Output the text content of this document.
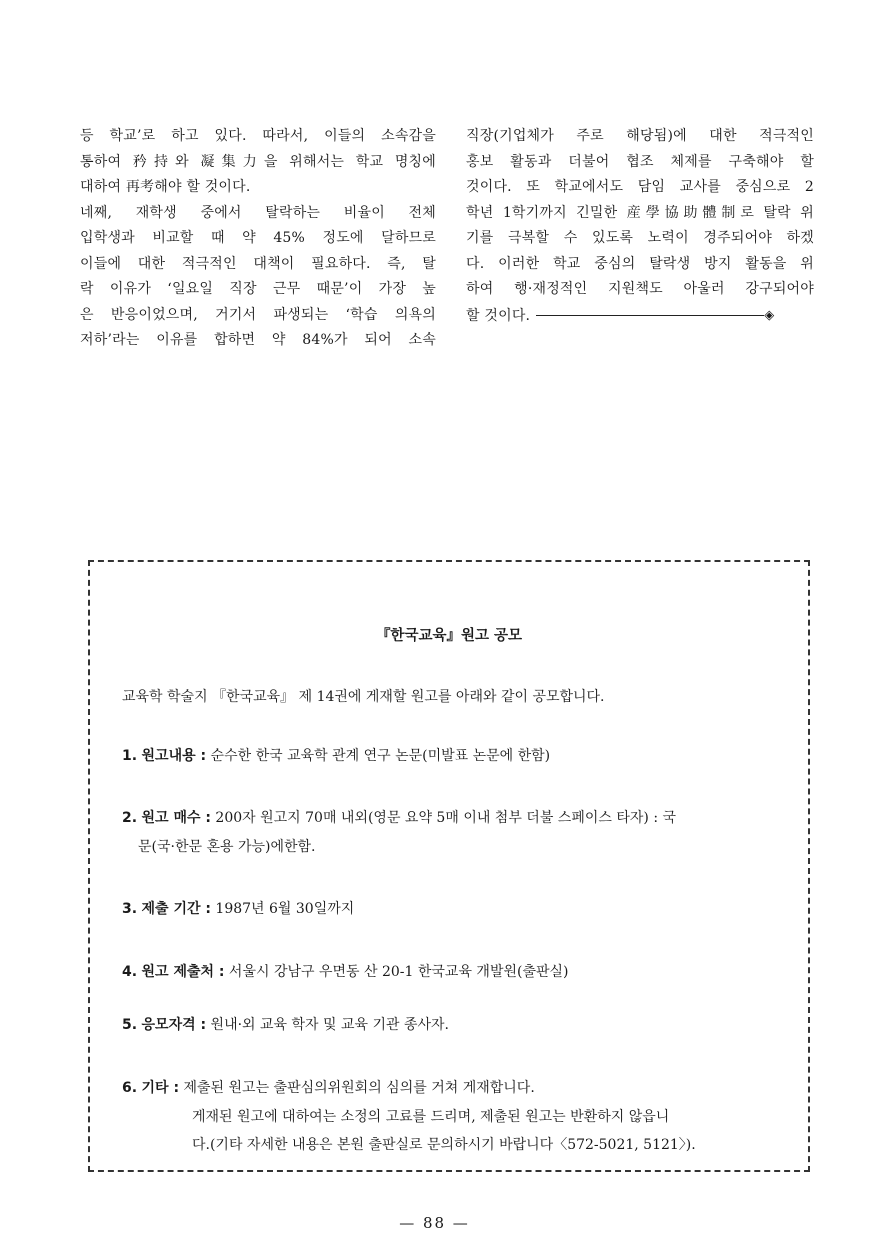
등 학교’로 하고 있다. 따라서, 이들의 소속감을

통하여 矜持와 凝集力을 위해서는 학교 명칭에

대하여 再考해야 할 것이다.

네째, 재학생 중에서 탈락하는 비율이 전체

입학생과 비교할 때 약 45% 정도에 달하므로

이들에 대한 적극적인 대책이 필요하다. 즉, 탈

락 이유가 ‘일요일 직장 근무 때문’이 가장 높

은 반응이었으며, 거기서 파생되는 ‘학습 의욕의

저하’라는 이유를 합하면 약 84%가 되어 소속

직장(기업체가 주로 해당됨)에 대한 적극적인

홍보 활동과 더불어 협조 체제를 구축해야 할

것이다. 또 학교에서도 담임 교사를 중심으로 2

학년 1학기까지 긴밀한 産學協助體制로 탈락 위

기를 극복할 수 있도록 노력이 경주되어야 하겠

다. 이러한 학교 중심의 탈락생 방지 활동을 위

하여 행·재정적인 지원책도 아울러 강구되어야

할 것이다.	◈

『한국교육』원고 공모
교육학 학술지 『한국교육』 제 14권에 게재할 원고를 아래와 같이 공모합니다.
1. 원고내용 : 순수한 한국 교육학 관계 연구 논문(미발표 논문에 한함)
2. 원고 매수 : 200자 원고지 70매 내외(영문 요약 5매 이내 첨부 더불 스페이스 타자) : 국
문(국·한문 혼용 가능)에한함.
3. 제출 기간 : 1987년 6월 30일까지
4. 원고 제출처 : 서울시 강남구 우면동 산 20-1 한국교육 개발원(출판실)
5. 응모자격 : 원내·외 교육 학자 및 교육 기관 종사자.
6. 기타 : 제출된 원고는 출판심의위원회의 심의를 거쳐 게재합니다.
게재된 원고에 대하여는 소정의 고료를 드리며, 제출된 원고는 반환하지 않읍니
다.(기타 자세한 내용은 본원 출판실로 문의하시기 바랍니다〈572-5021, 5121〉).
— 88 —
